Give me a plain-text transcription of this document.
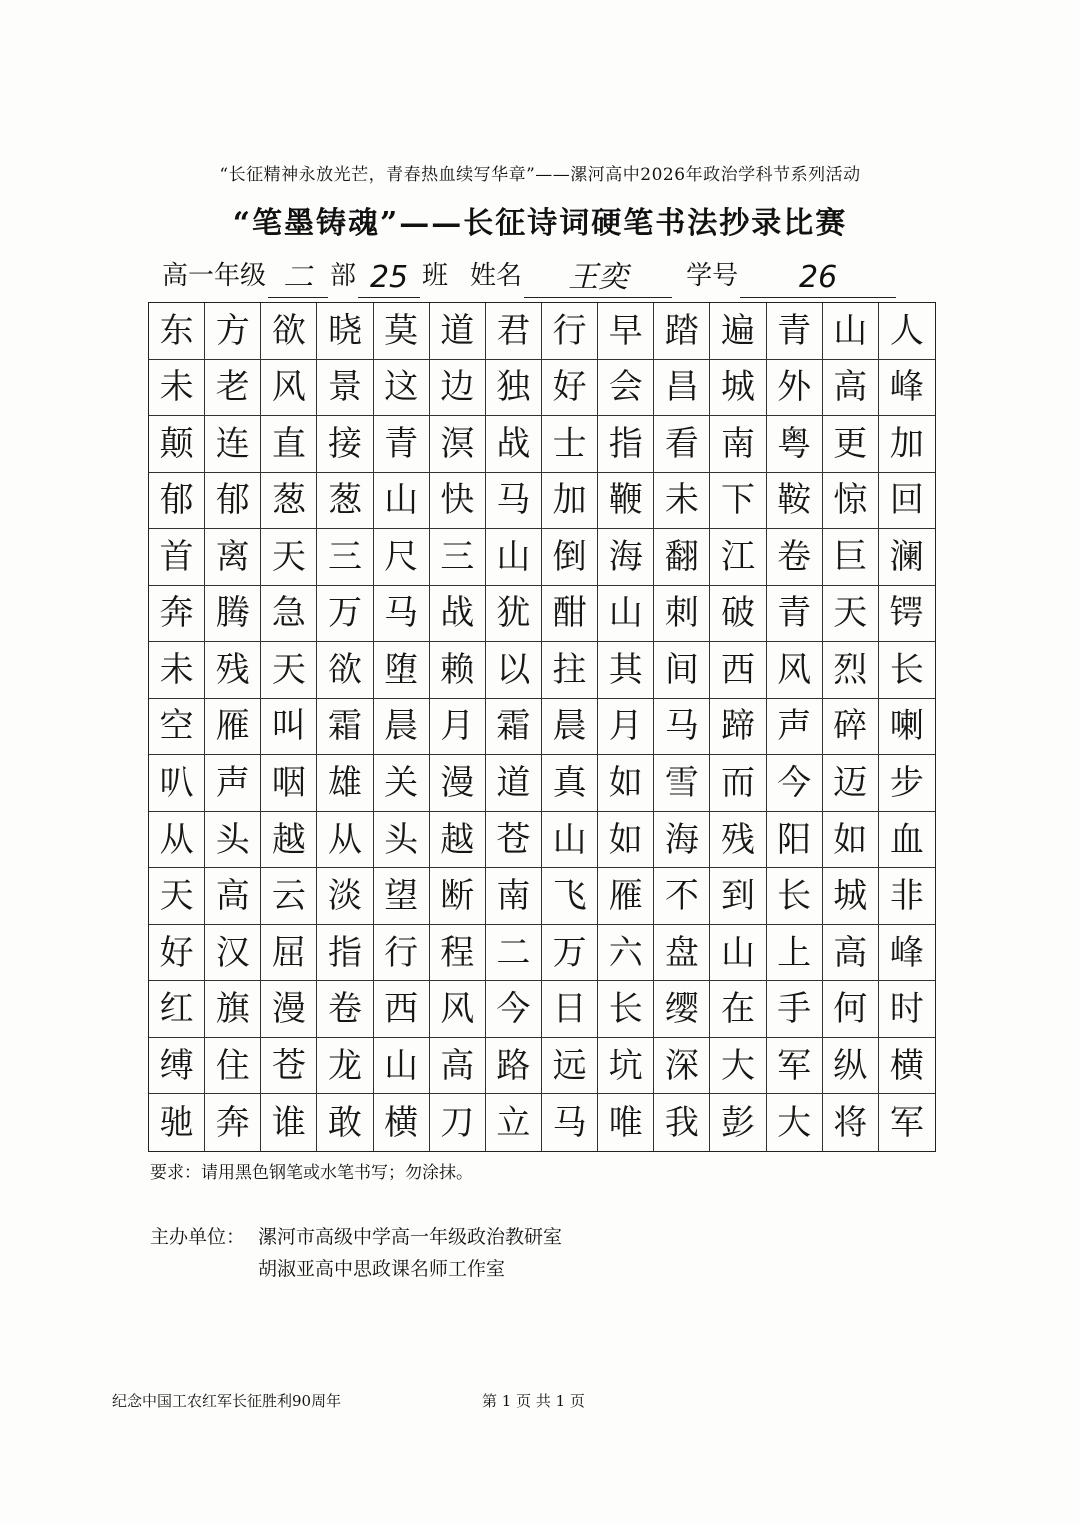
“长征精神永放光芒，青春热血续写华章”——漯河高中2026年政治学科节系列活动
“笔墨铸魂”——长征诗词硬笔书法抄录比赛
高一年级 二 部 25 班 姓名	王奕	学号	26
东 方 欲 晓 莫 道 君 行 早 踏 遍 青 山 人
未 老 风 景 这 边 独 好 会 昌 城 外 高 峰
颠 连 直 接 青 溟 战 士 指 看 南 粤 更 加
郁 郁 葱 葱 山 快 马 加 鞭 未 下 鞍 惊 回
首 离 天 三 尺 三 山 倒 海 翻 江 卷 巨 澜
奔 腾 急 万 马 战 犹 酣 山 刺 破 青 天 锷
未 残 天 欲 堕 赖 以 拄 其 间 西 风 烈 长
空 雁 叫 霜 晨 月 霜 晨 月 马 蹄 声 碎 喇
叭 声 咽 雄 关 漫 道 真 如 雪 而 今 迈 步
从 头 越 从 头 越 苍 山 如 海 残 阳 如 血
天 高 云 淡 望 断 南 飞 雁 不 到 长 城 非
好 汉 屈 指 行 程 二 万 六 盘 山 上 高 峰
红 旗 漫 卷 西 风 今 日 长 缨 在 手 何 时
缚 住 苍 龙 山 高 路 远 坑 深 大 军 纵 横
驰 奔 谁 敢 横 刀 立 马 唯 我 彭 大 将 军
要求：请用黑色钢笔或水笔书写；勿涂抹。
主办单位： 漯河市高级中学高一年级政治教研室
胡淑亚高中思政课名师工作室
纪念中国工农红军长征胜利90周年	第 1 页 共 1 页
